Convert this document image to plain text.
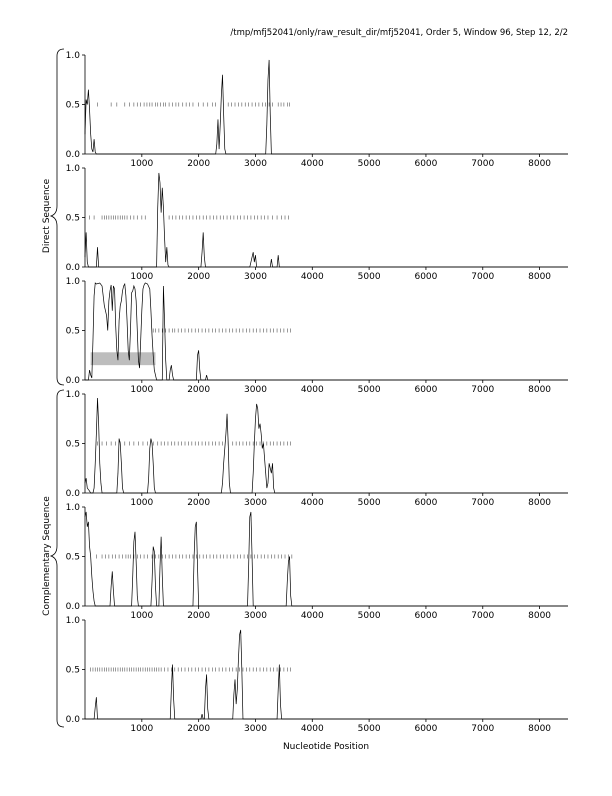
/tmp/mfj52041/only/raw_result_dir/mfj52041, Order 5, Window 96, Step 12, 2/2
Direct Sequence
Complementary Sequence
Nucleotide Position
0.0
0.5
1.0
1000	2000	3000	4000	5000	6000	7000	8000
0.0
0.5
1.0
1000	2000	3000	4000	5000	6000	7000	8000
0.0
0.5
1.0
1000	2000	3000	4000	5000	6000	7000	8000
0.0
0.5
1.0
1000	2000	3000	4000	5000	6000	7000	8000
0.0
0.5
1.0
1000	2000	3000	4000	5000	6000	7000	8000
0.0
0.5
1.0
1000	2000	3000	4000	5000	6000	7000	8000
